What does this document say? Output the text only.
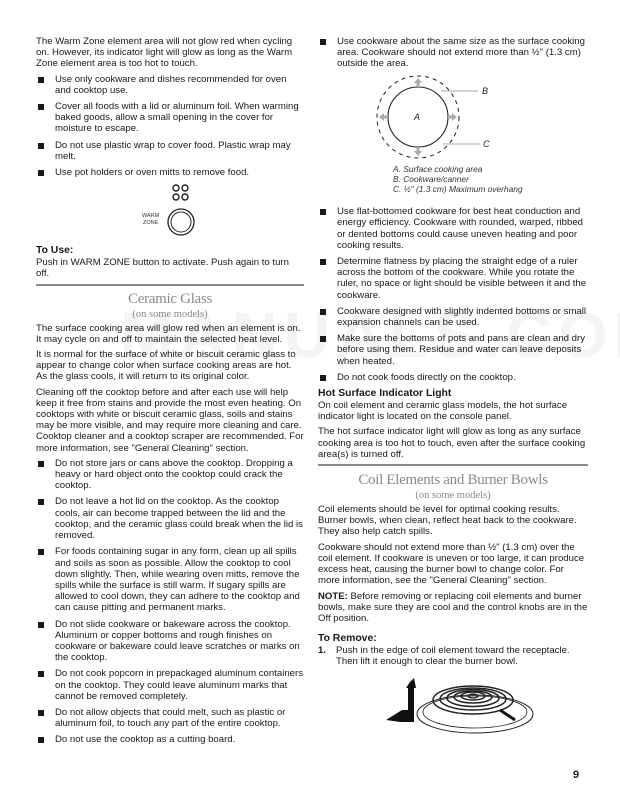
The Warm Zone element area will not glow red when cycling on. However, its indicator light will glow as long as the Warm Zone element area is too hot to touch.

Use only cookware and dishes recommended for oven and cooktop use.
Cover all foods with a lid or aluminum foil. When warming baked goods, allow a small opening in the cover for moisture to escape.
Do not use plastic wrap to cover food. Plastic wrap may melt.
Use pot holders or oven mitts to remove food.
WARM
ZONE
To Use:

Push in WARM ZONE button to activate. Push again to turn off.

Ceramic Glass
(on some models)

The surface cooking area will glow red when an element is on. It may cycle on and off to maintain the selected heat level.

It is normal for the surface of white or biscuit ceramic glass to appear to change color when surface cooking areas are hot. As the glass cools, it will return to its original color.

Cleaning off the cooktop before and after each use will help keep it free from stains and provide the most even heating. On cooktops with white or biscuit ceramic glass, soils and stains may be more visible, and may require more cleaning and care. Cooktop cleaner and a cooktop scraper are recommended. For more information, see "General Cleaning" section.

Do not store jars or cans above the cooktop. Dropping a heavy or hard object onto the cooktop could crack the cooktop.
Do not leave a hot lid on the cooktop. As the cooktop cools, air can become trapped between the lid and the cooktop, and the ceramic glass could break when the lid is removed.
For foods containing sugar in any form, clean up all spills and soils as soon as possible. Allow the cooktop to cool down slightly. Then, while wearing oven mitts, remove the spills while the surface is still warm. If sugary spills are allowed to cool down, they can adhere to the cooktop and can cause pitting and permanent marks.
Do not slide cookware or bakeware across the cooktop. Aluminum or copper bottoms and rough finishes on cookware or bakeware could leave scratches or marks on the cooktop.
Do not cook popcorn in prepackaged aluminum containers on the cooktop. They could leave aluminum marks that cannot be removed completely.
Do not allow objects that could melt, such as plastic or aluminum foil, to touch any part of the entire cooktop.
Do not use the cooktop as a cutting board.
Use cookware about the same size as the surface cooking area. Cookware should not extend more than ½" (1.3 cm) outside the area.
A
B
C
A. Surface cooking area
B. Cookware/canner
C. ½" (1.3 cm) Maximum overhang
Use flat-bottomed cookware for best heat conduction and energy efficiency. Cookware with rounded, warped, ribbed or dented bottoms could cause uneven heating and poor cooking results.
Determine flatness by placing the straight edge of a ruler across the bottom of the cookware. While you rotate the ruler, no space or light should be visible between it and the cookware.
Cookware designed with slightly indented bottoms or small expansion channels can be used.
Make sure the bottoms of pots and pans are clean and dry before using them. Residue and water can leave deposits when heated.
Do not cook foods directly on the cooktop.
Hot Surface Indicator Light

On coil element and ceramic glass models, the hot surface indicator light is located on the console panel.

The hot surface indicator light will glow as long as any surface cooking area is too hot to touch, even after the surface cooking area(s) is turned off.

Coil Elements and Burner Bowls
(on some models)

Coil elements should be level for optimal cooking results. Burner bowls, when clean, reflect heat back to the cookware. They also help catch spills.

Cookware should not extend more than ½" (1.3 cm) over the coil element. If cookware is uneven or too large, it can produce excess heat, causing the burner bowl to change color. For more information, see the "General Cleaning" section.

NOTE: Before removing or replacing coil elements and burner bowls, make sure they are cool and the control knobs are in the Off position.

To Remove:
1. Push in the edge of coil element toward the receptacle. Then lift it enough to clear the burner bowl.
9
